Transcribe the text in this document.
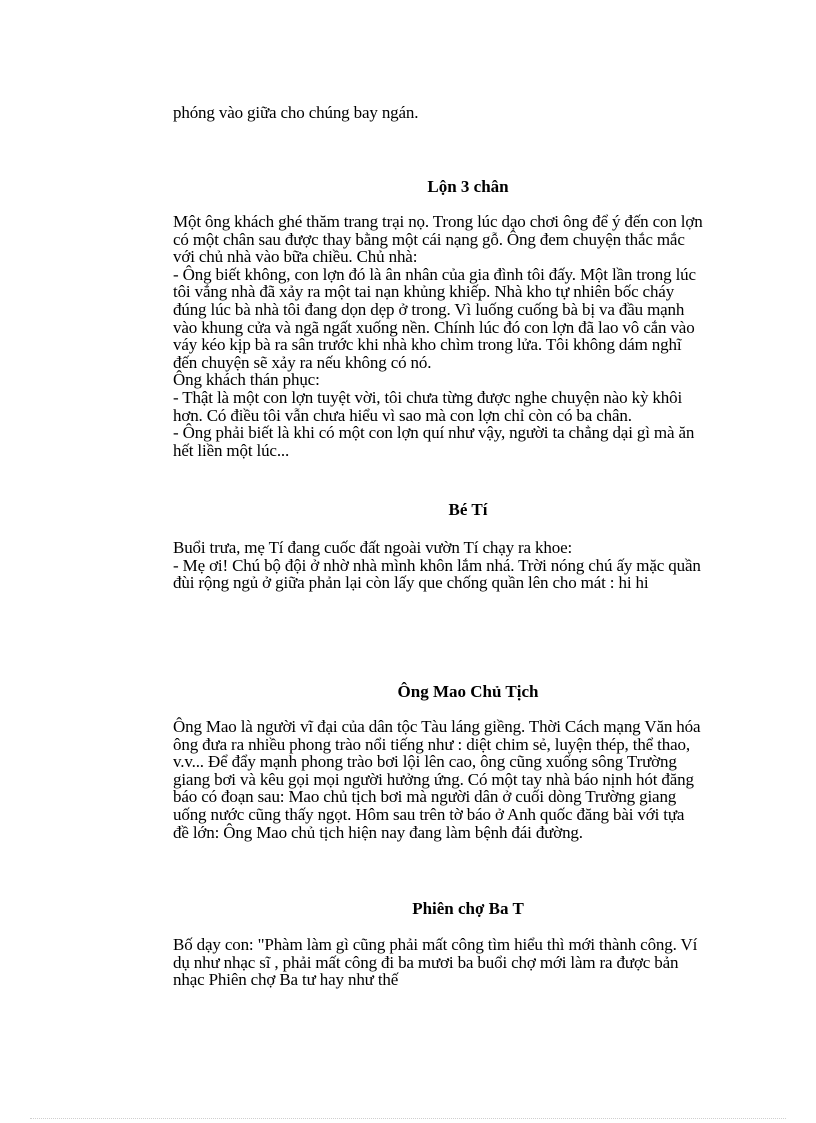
phóng vào giữa cho chúng bay ngán.

Lộn 3 chân

Một ông khách ghé thăm trang trại nọ. Trong lúc dạo chơi ông để ý đến con lợn
có một chân sau được thay bằng một cái nạng gỗ. Ông đem chuyện thắc mắc
với chủ nhà vào bữa chiều. Chủ nhà:
- Ông biết không, con lợn đó là ân nhân của gia đình tôi đấy. Một lần trong lúc
tôi vắng nhà đã xảy ra một tai nạn khủng khiếp. Nhà kho tự nhiên bốc cháy
đúng lúc bà nhà tôi đang dọn dẹp ở trong. Vì luống cuống bà bị va đầu mạnh
vào khung cửa và ngã ngất xuống nền. Chính lúc đó con lợn đã lao vô cắn vào
váy kéo kịp bà ra sân trước khi nhà kho chìm trong lửa. Tôi không dám nghĩ
đến chuyện sẽ xảy ra nếu không có nó.
Ông khách thán phục:
- Thật là một con lợn tuyệt vời, tôi chưa từng được nghe chuyện nào kỳ khôi
hơn. Có điều tôi vẫn chưa hiểu vì sao mà con lợn chỉ còn có ba chân.
- Ông phải biết là khi có một con lợn quí như vậy, người ta chẳng dại gì mà ăn
hết liền một lúc...

Bé Tí

Buổi trưa, mẹ Tí đang cuốc đất ngoài vườn Tí chạy ra khoe:
- Mẹ ơi! Chú bộ đội ở nhờ nhà mình khôn lắm nhá. Trời nóng chú ấy mặc quần
đùi rộng ngủ ở giữa phản lại còn lấy que chống quần lên cho mát : hi hi

Ông Mao Chủ Tịch

Ông Mao là người vĩ đại của dân tộc Tàu láng giềng. Thời Cách mạng Văn hóa
ông đưa ra nhiều phong trào nổi tiếng như : diệt chim sẻ, luyện thép, thể thao,
v.v... Để đẩy mạnh phong trào bơi lội lên cao, ông cũng xuống sông Trường
giang bơi và kêu gọi mọi người hưởng ứng. Có một tay nhà báo nịnh hót đăng
báo có đoạn sau: Mao chủ tịch bơi mà người dân ở cuối dòng Trường giang
uống nước cũng thấy ngọt. Hôm sau trên tờ báo ở Anh quốc đăng bài với tựa
đề lớn: Ông Mao chủ tịch hiện nay đang làm bệnh đái đường.

Phiên chợ Ba T

Bố dạy con: "Phàm làm gì cũng phải mất công tìm hiểu thì mới thành công. Ví
dụ như nhạc sĩ , phải mất công đi ba mươi ba buổi chợ mới làm ra được bản
nhạc Phiên chợ Ba tư hay như thế
